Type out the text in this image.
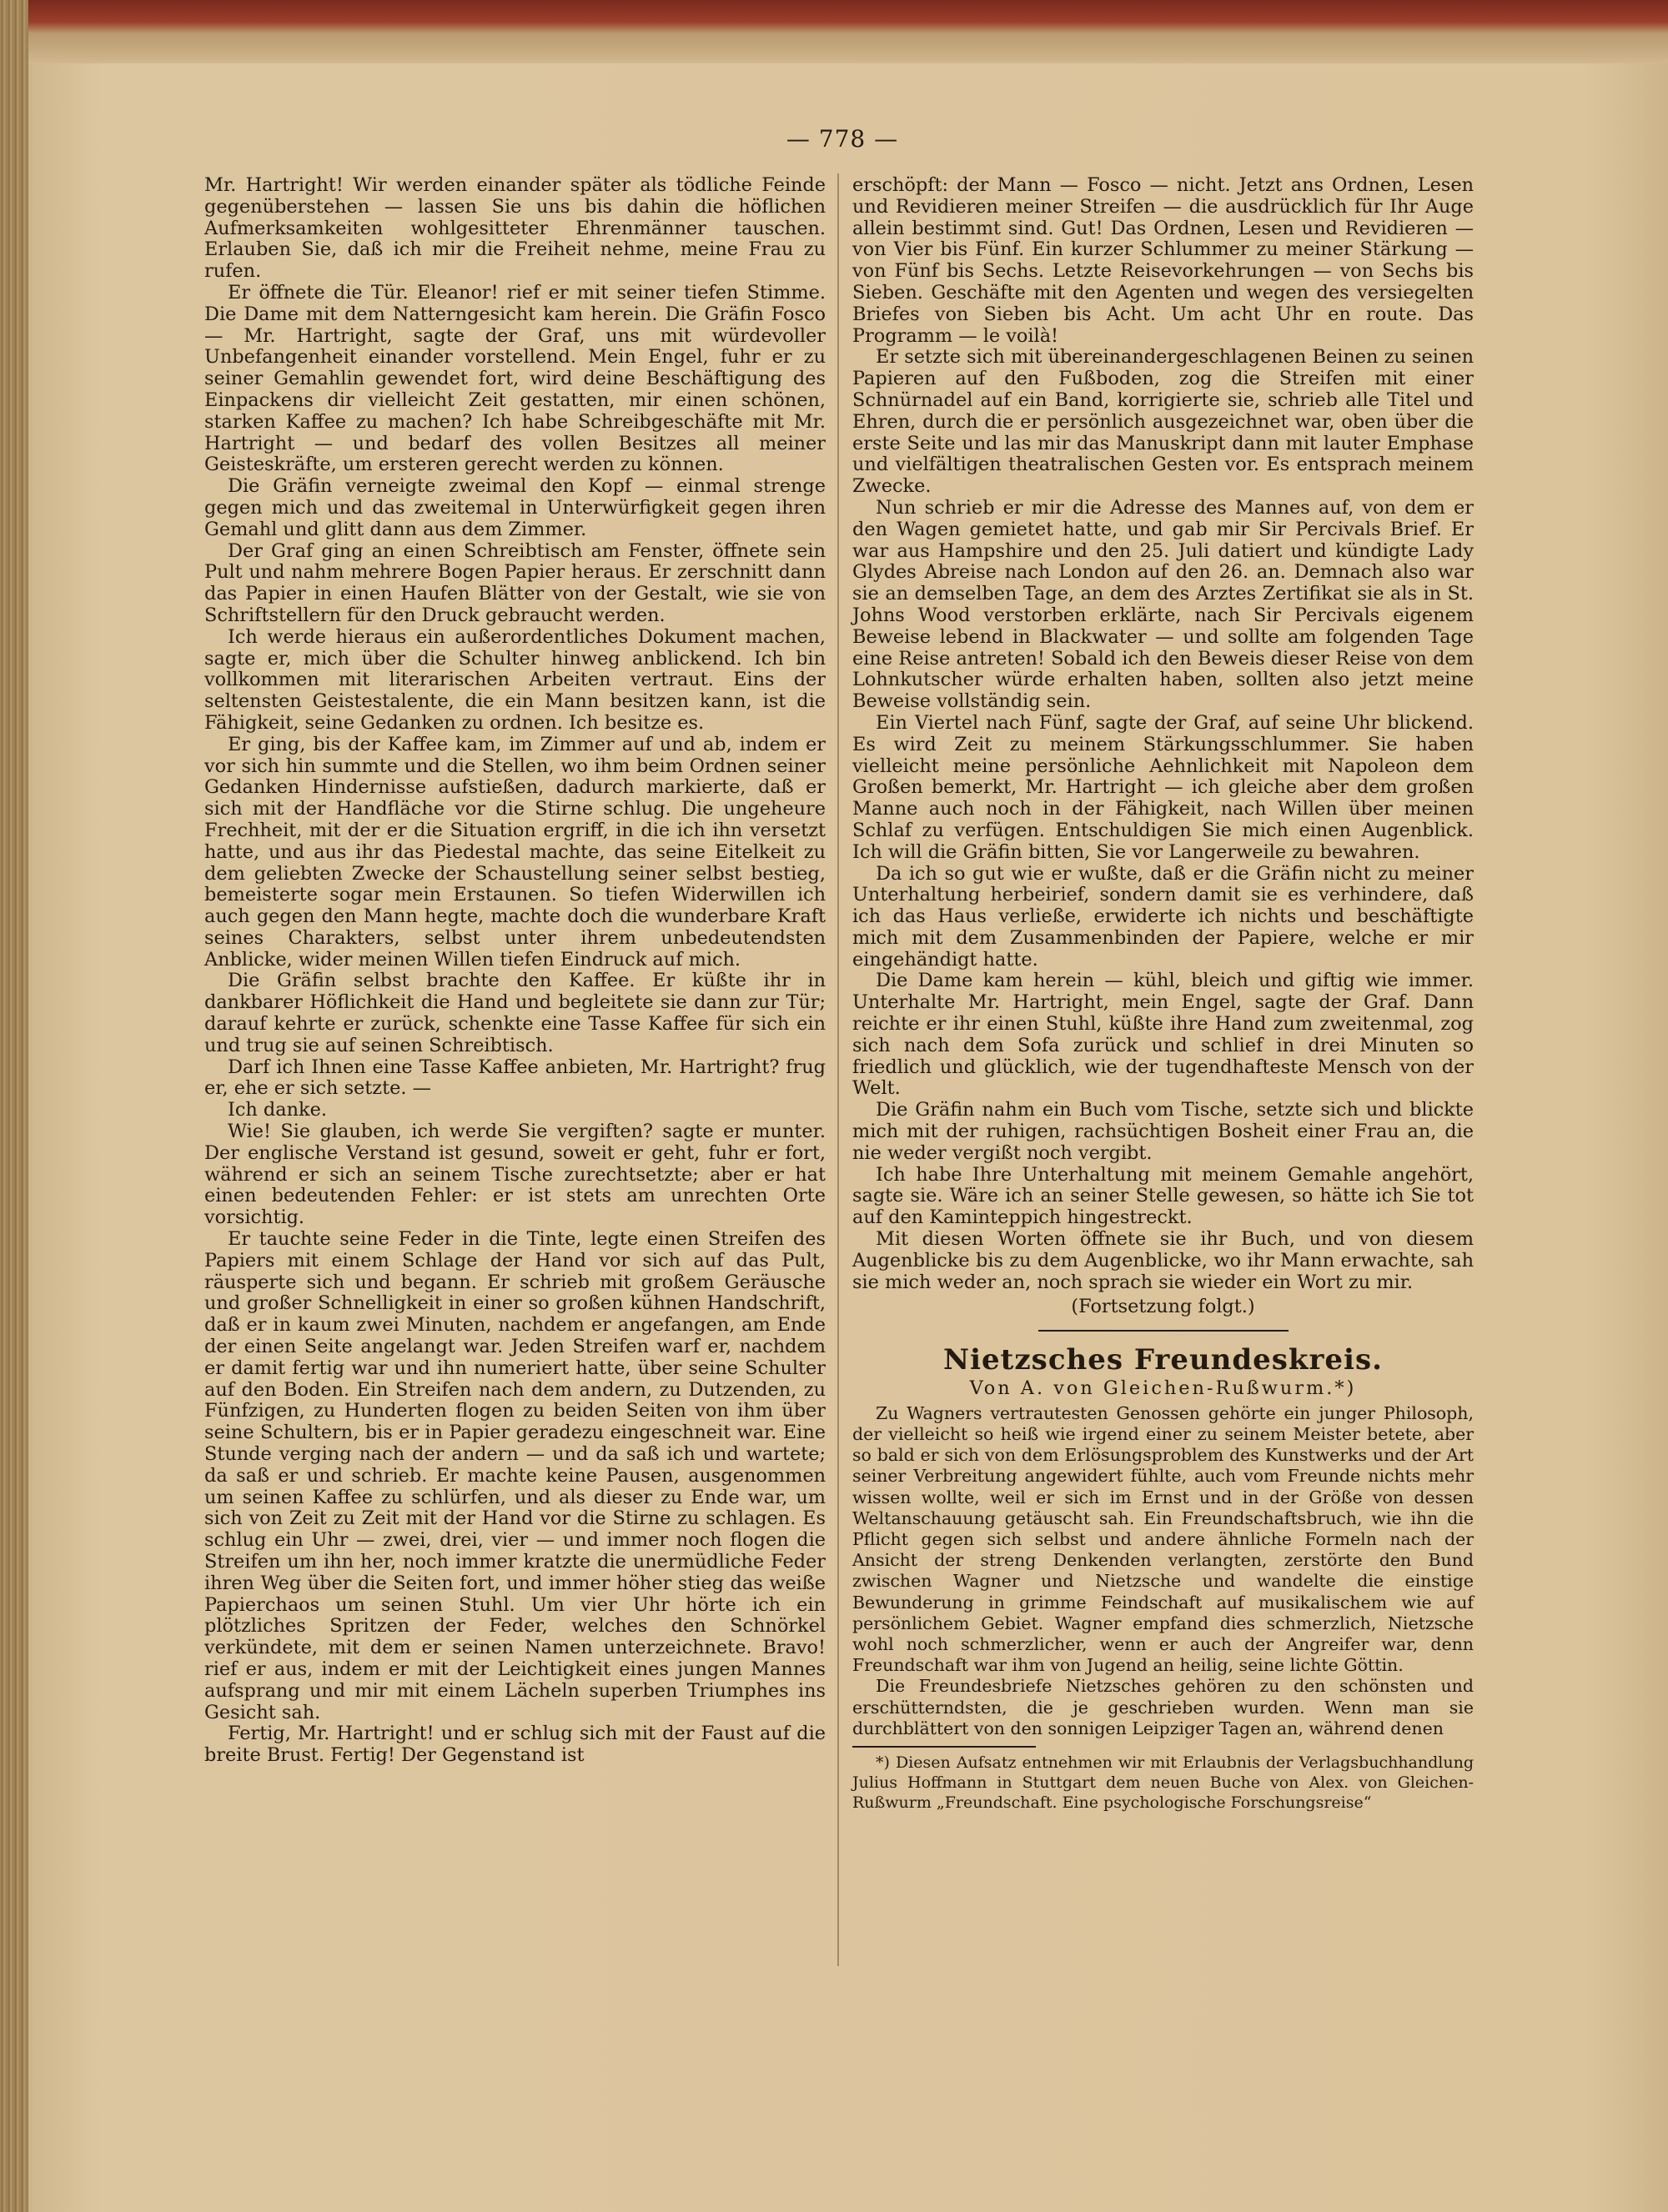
— 778 —

Mr. Hartright! Wir werden einander später als tödliche Feinde gegenüberstehen — lassen Sie uns bis dahin die höflichen Aufmerksamkeiten wohlgesitteter Ehrenmänner tauschen. Erlauben Sie, daß ich mir die Freiheit nehme, meine Frau zu rufen.

Er öffnete die Tür. Eleanor! rief er mit seiner tiefen Stimme. Die Dame mit dem Natterngesicht kam herein. Die Gräfin Fosco — Mr. Hartright, sagte der Graf, uns mit würdevoller Unbefangenheit einander vorstellend. Mein Engel, fuhr er zu seiner Gemahlin gewendet fort, wird deine Beschäftigung des Einpackens dir vielleicht Zeit gestatten, mir einen schönen, starken Kaffee zu machen? Ich habe Schreibgeschäfte mit Mr. Hartright — und bedarf des vollen Besitzes all meiner Geisteskräfte, um ersteren gerecht werden zu können.

Die Gräfin verneigte zweimal den Kopf — einmal strenge gegen mich und das zweitemal in Unterwürfigkeit gegen ihren Gemahl und glitt dann aus dem Zimmer.

Der Graf ging an einen Schreibtisch am Fenster, öffnete sein Pult und nahm mehrere Bogen Papier heraus. Er zerschnitt dann das Papier in einen Haufen Blätter von der Gestalt, wie sie von Schriftstellern für den Druck gebraucht werden.

Ich werde hieraus ein außerordentliches Dokument machen, sagte er, mich über die Schulter hinweg anblickend. Ich bin vollkommen mit literarischen Arbeiten vertraut. Eins der seltensten Geistestalente, die ein Mann besitzen kann, ist die Fähigkeit, seine Gedanken zu ordnen. Ich besitze es.

Er ging, bis der Kaffee kam, im Zimmer auf und ab, indem er vor sich hin summte und die Stellen, wo ihm beim Ordnen seiner Gedanken Hindernisse aufstießen, dadurch markierte, daß er sich mit der Handfläche vor die Stirne schlug. Die ungeheure Frechheit, mit der er die Situation ergriff, in die ich ihn versetzt hatte, und aus ihr das Piedestal machte, das seine Eitelkeit zu dem geliebten Zwecke der Schaustellung seiner selbst bestieg, bemeisterte sogar mein Erstaunen. So tiefen Widerwillen ich auch gegen den Mann hegte, machte doch die wunderbare Kraft seines Charakters, selbst unter ihrem unbedeutendsten Anblicke, wider meinen Willen tiefen Eindruck auf mich.

Die Gräfin selbst brachte den Kaffee. Er küßte ihr in dankbarer Höflichkeit die Hand und begleitete sie dann zur Tür; darauf kehrte er zurück, schenkte eine Tasse Kaffee für sich ein und trug sie auf seinen Schreibtisch.

Darf ich Ihnen eine Tasse Kaffee anbieten, Mr. Hartright? frug er, ehe er sich setzte. —

Ich danke.

Wie! Sie glauben, ich werde Sie vergiften? sagte er munter. Der englische Verstand ist gesund, soweit er geht, fuhr er fort, während er sich an seinem Tische zurechtsetzte; aber er hat einen bedeutenden Fehler: er ist stets am unrechten Orte vorsichtig.

Er tauchte seine Feder in die Tinte, legte einen Streifen des Papiers mit einem Schlage der Hand vor sich auf das Pult, räusperte sich und begann. Er schrieb mit großem Geräusche und großer Schnelligkeit in einer so großen kühnen Handschrift, daß er in kaum zwei Minuten, nachdem er angefangen, am Ende der einen Seite angelangt war. Jeden Streifen warf er, nachdem er damit fertig war und ihn numeriert hatte, über seine Schulter auf den Boden. Ein Streifen nach dem andern, zu Dutzenden, zu Fünfzigen, zu Hunderten flogen zu beiden Seiten von ihm über seine Schultern, bis er in Papier geradezu eingeschneit war. Eine Stunde verging nach der andern — und da saß ich und wartete; da saß er und schrieb. Er machte keine Pausen, ausgenommen um seinen Kaffee zu schlürfen, und als dieser zu Ende war, um sich von Zeit zu Zeit mit der Hand vor die Stirne zu schlagen. Es schlug ein Uhr — zwei, drei, vier — und immer noch flogen die Streifen um ihn her, noch immer kratzte die unermüdliche Feder ihren Weg über die Seiten fort, und immer höher stieg das weiße Papierchaos um seinen Stuhl. Um vier Uhr hörte ich ein plötzliches Spritzen der Feder, welches den Schnörkel verkündete, mit dem er seinen Namen unterzeichnete. Bravo! rief er aus, indem er mit der Leichtigkeit eines jungen Mannes aufsprang und mir mit einem Lächeln superben Triumphes ins Gesicht sah.

Fertig, Mr. Hartright! und er schlug sich mit der Faust auf die breite Brust. Fertig! Der Gegenstand ist

erschöpft: der Mann — Fosco — nicht. Jetzt ans Ordnen, Lesen und Revidieren meiner Streifen — die ausdrücklich für Ihr Auge allein bestimmt sind. Gut! Das Ordnen, Lesen und Revidieren — von Vier bis Fünf. Ein kurzer Schlummer zu meiner Stärkung — von Fünf bis Sechs. Letzte Reisevorkehrungen — von Sechs bis Sieben. Geschäfte mit den Agenten und wegen des versiegelten Briefes von Sieben bis Acht. Um acht Uhr en route. Das Programm — le voilà!

Er setzte sich mit übereinandergeschlagenen Beinen zu seinen Papieren auf den Fußboden, zog die Streifen mit einer Schnürnadel auf ein Band, korrigierte sie, schrieb alle Titel und Ehren, durch die er persönlich ausgezeichnet war, oben über die erste Seite und las mir das Manuskript dann mit lauter Emphase und vielfältigen theatralischen Gesten vor. Es entsprach meinem Zwecke.

Nun schrieb er mir die Adresse des Mannes auf, von dem er den Wagen gemietet hatte, und gab mir Sir Percivals Brief. Er war aus Hampshire und den 25. Juli datiert und kündigte Lady Glydes Abreise nach London auf den 26. an. Demnach also war sie an demselben Tage, an dem des Arztes Zertifikat sie als in St. Johns Wood verstorben erklärte, nach Sir Percivals eigenem Beweise lebend in Blackwater — und sollte am folgenden Tage eine Reise antreten! Sobald ich den Beweis dieser Reise von dem Lohnkutscher würde erhalten haben, sollten also jetzt meine Beweise vollständig sein.

Ein Viertel nach Fünf, sagte der Graf, auf seine Uhr blickend. Es wird Zeit zu meinem Stärkungsschlummer. Sie haben vielleicht meine persönliche Aehnlichkeit mit Napoleon dem Großen bemerkt, Mr. Hartright — ich gleiche aber dem großen Manne auch noch in der Fähigkeit, nach Willen über meinen Schlaf zu verfügen. Entschuldigen Sie mich einen Augenblick. Ich will die Gräfin bitten, Sie vor Langerweile zu bewahren.

Da ich so gut wie er wußte, daß er die Gräfin nicht zu meiner Unterhaltung herbeirief, sondern damit sie es verhindere, daß ich das Haus verließe, erwiderte ich nichts und beschäftigte mich mit dem Zusammenbinden der Papiere, welche er mir eingehändigt hatte.

Die Dame kam herein — kühl, bleich und giftig wie immer. Unterhalte Mr. Hartright, mein Engel, sagte der Graf. Dann reichte er ihr einen Stuhl, küßte ihre Hand zum zweitenmal, zog sich nach dem Sofa zurück und schlief in drei Minuten so friedlich und glücklich, wie der tugendhafteste Mensch von der Welt.

Die Gräfin nahm ein Buch vom Tische, setzte sich und blickte mich mit der ruhigen, rachsüchtigen Bosheit einer Frau an, die nie weder vergißt noch vergibt.

Ich habe Ihre Unterhaltung mit meinem Gemahle angehört, sagte sie. Wäre ich an seiner Stelle gewesen, so hätte ich Sie tot auf den Kaminteppich hingestreckt.

Mit diesen Worten öffnete sie ihr Buch, und von diesem Augenblicke bis zu dem Augenblicke, wo ihr Mann erwachte, sah sie mich weder an, noch sprach sie wieder ein Wort zu mir.

(Fortsetzung folgt.)

Nietzsches Freundeskreis.

Von A. von Gleichen-Rußwurm.*)

Zu Wagners vertrautesten Genossen gehörte ein junger Philosoph, der vielleicht so heiß wie irgend einer zu seinem Meister betete, aber so bald er sich von dem Erlösungsproblem des Kunstwerks und der Art seiner Verbreitung angewidert fühlte, auch vom Freunde nichts mehr wissen wollte, weil er sich im Ernst und in der Größe von dessen Weltanschauung getäuscht sah. Ein Freundschaftsbruch, wie ihn die Pflicht gegen sich selbst und andere ähnliche Formeln nach der Ansicht der streng Denkenden verlangten, zerstörte den Bund zwischen Wagner und Nietzsche und wandelte die einstige Bewunderung in grimme Feindschaft auf musikalischem wie auf persönlichem Gebiet. Wagner empfand dies schmerzlich, Nietzsche wohl noch schmerzlicher, wenn er auch der Angreifer war, denn Freundschaft war ihm von Jugend an heilig, seine lichte Göttin.

Die Freundesbriefe Nietzsches gehören zu den schönsten und erschütterndsten, die je geschrieben wurden. Wenn man sie durchblättert von den sonnigen Leipziger Tagen an, während denen

*) Diesen Aufsatz entnehmen wir mit Erlaubnis der Verlagsbuchhandlung Julius Hoffmann in Stuttgart dem neuen Buche von Alex. von Gleichen-Rußwurm „Freundschaft. Eine psychologische Forschungsreise“
